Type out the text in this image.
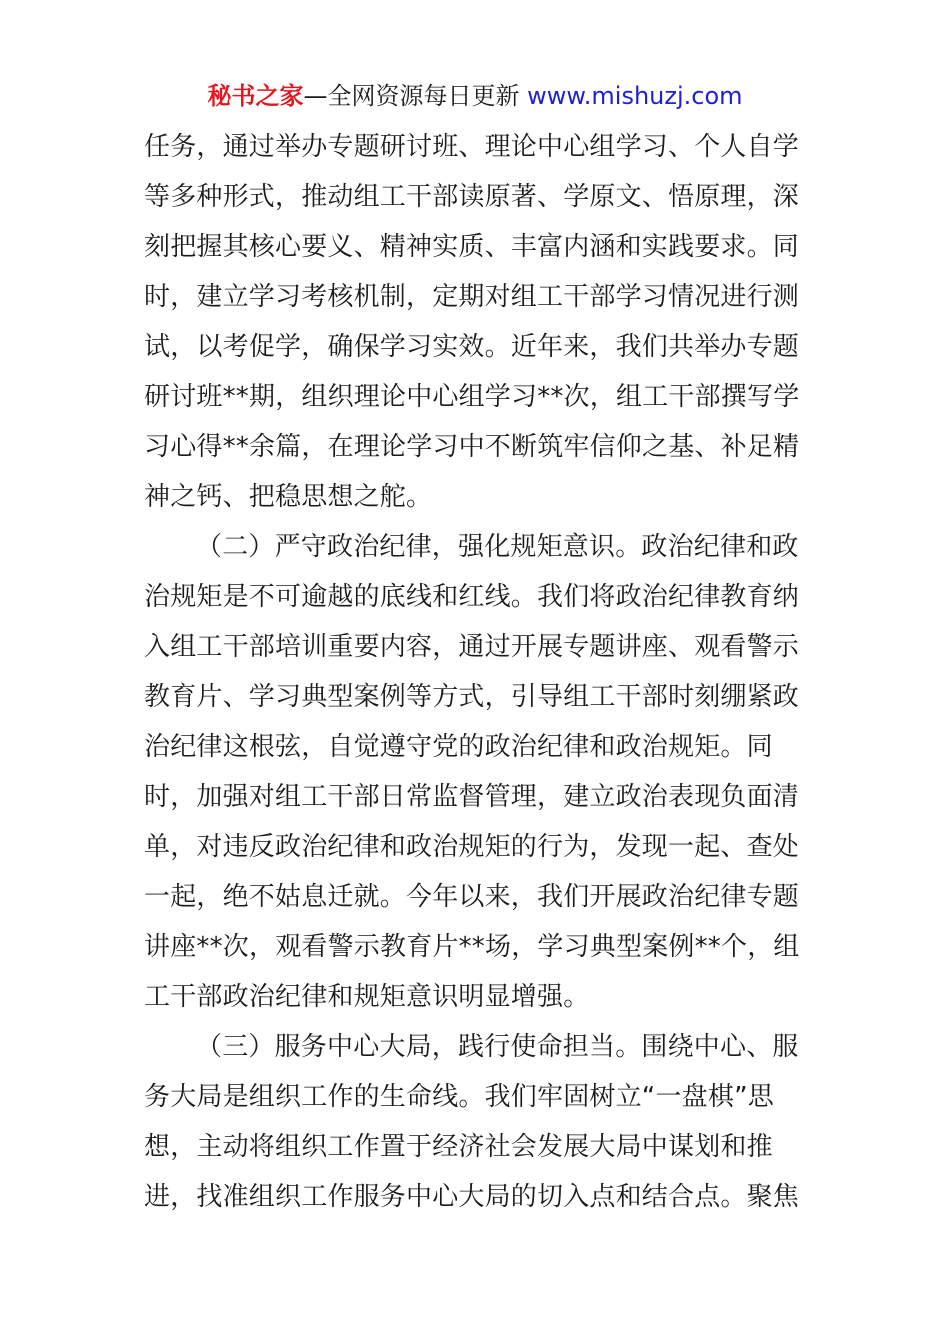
秘书之家—全网资源每日更新 www.mishuzj.com
任务，通过举办专题研讨班、理论中心组学习、个人自学
等多种形式，推动组工干部读原著、学原文、悟原理，深
刻把握其核心要义、精神实质、丰富内涵和实践要求。同
时，建立学习考核机制，定期对组工干部学习情况进行测
试，以考促学，确保学习实效。近年来，我们共举办专题
研讨班**期，组织理论中心组学习**次，组工干部撰写学
习心得**余篇，在理论学习中不断筑牢信仰之基、补足精
神之钙、把稳思想之舵。
（二）严守政治纪律，强化规矩意识。政治纪律和政
治规矩是不可逾越的底线和红线。我们将政治纪律教育纳
入组工干部培训重要内容，通过开展专题讲座、观看警示
教育片、学习典型案例等方式，引导组工干部时刻绷紧政
治纪律这根弦，自觉遵守党的政治纪律和政治规矩。同
时，加强对组工干部日常监督管理，建立政治表现负面清
单，对违反政治纪律和政治规矩的行为，发现一起、查处
一起，绝不姑息迁就。今年以来，我们开展政治纪律专题
讲座**次，观看警示教育片**场，学习典型案例**个，组
工干部政治纪律和规矩意识明显增强。
（三）服务中心大局，践行使命担当。围绕中心、服
务大局是组织工作的生命线。我们牢固树立“一盘棋”思
想，主动将组织工作置于经济社会发展大局中谋划和推
进，找准组织工作服务中心大局的切入点和结合点。聚焦
